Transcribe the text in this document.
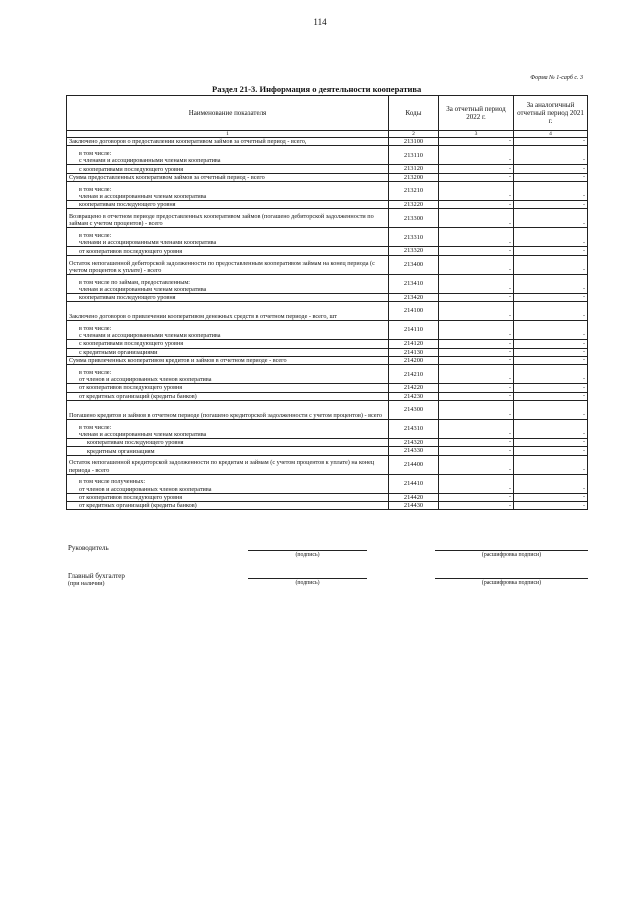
114
Форма № 1-сарб с. 3
Раздел 21-3. Информация о деятельности кооператива
Наименование показателя	Коды	За отчетный период 2022 г.	За аналогичный отчетный период 2021 г.
1	2	3	4
Заключено договоров о предоставлении кооперативом займов за отчетный период - всего,	213100	-	-
в том числе:
с членами и ассоциированными членами кооператива	213110	-	-
с кооперативами последующего уровня	213120	-	-
Сумма предоставленных кооперативом займов за отчетный период - всего	213200	-	-
в том числе:
членам и ассоциированным членам кооператива	213210	-	-
кооперативам последующего уровня	213220	-	-
Возвращено в отчетном периоде предоставленных кооперативом займов (погашено дебиторской задолженности по займам с учетом процентов) - всего	213300	-	-
в том числе:
членами и ассоциированными членами кооператива	213310	-	-
от кооперативов последующего уровня	213320	-	-
Остаток непогашенной дебиторской задолженности по предоставленным кооперативом займам на конец периода (с учетом процентов к уплате) - всего	213400	-	-
в том числе по займам, предоставленным:
членам и ассоциированным членам кооператива	213410	-	-
кооперативам последующего уровня	213420	-	-
Заключено договоров о привлечении кооперативом денежных средств в отчетном периоде - всего, шт	214100	-	-
в том числе:
с членами и ассоциированными членами кооператива	214110	-	-
с кооперативами последующего уровня	214120	-	-
с кредитными организациями	214130	-	-
Сумма привлеченных кооперативом кредитов и займов в отчетном периоде - всего	214200	-	-
в том числе:
от членов и ассоциированных членов кооператива	214210	-	-
от кооперативов последующего уровня	214220	-	-
от кредитных организаций (кредиты банков)	214230	-	-
Погашено кредитов и займов в отчетном периоде (погашено кредиторской задолженности с учетом процентов) - всего	214300	-	-
в том числе:
членам и ассоциированным членам кооператива	214310	-	-
кооперативам последующего уровня	214320	-	-
кредитным организациям	214330	-	-
Остаток непогашенной кредиторской задолженности по кредитам и займам (с учетом процентов к уплате) на конец периода - всего	214400	-	-
в том числе полученных:
от членов и ассоциированных членов кооператива	214410	-	-
от кооперативов последующего уровня	214420	-	-
от кредитных организаций (кредиты банков)	214430	-	-
Руководитель
(подпись)	(расшифровка подписи)
Главный бухгалтер
(при наличии)	(подпись)	(расшифровка подписи)
